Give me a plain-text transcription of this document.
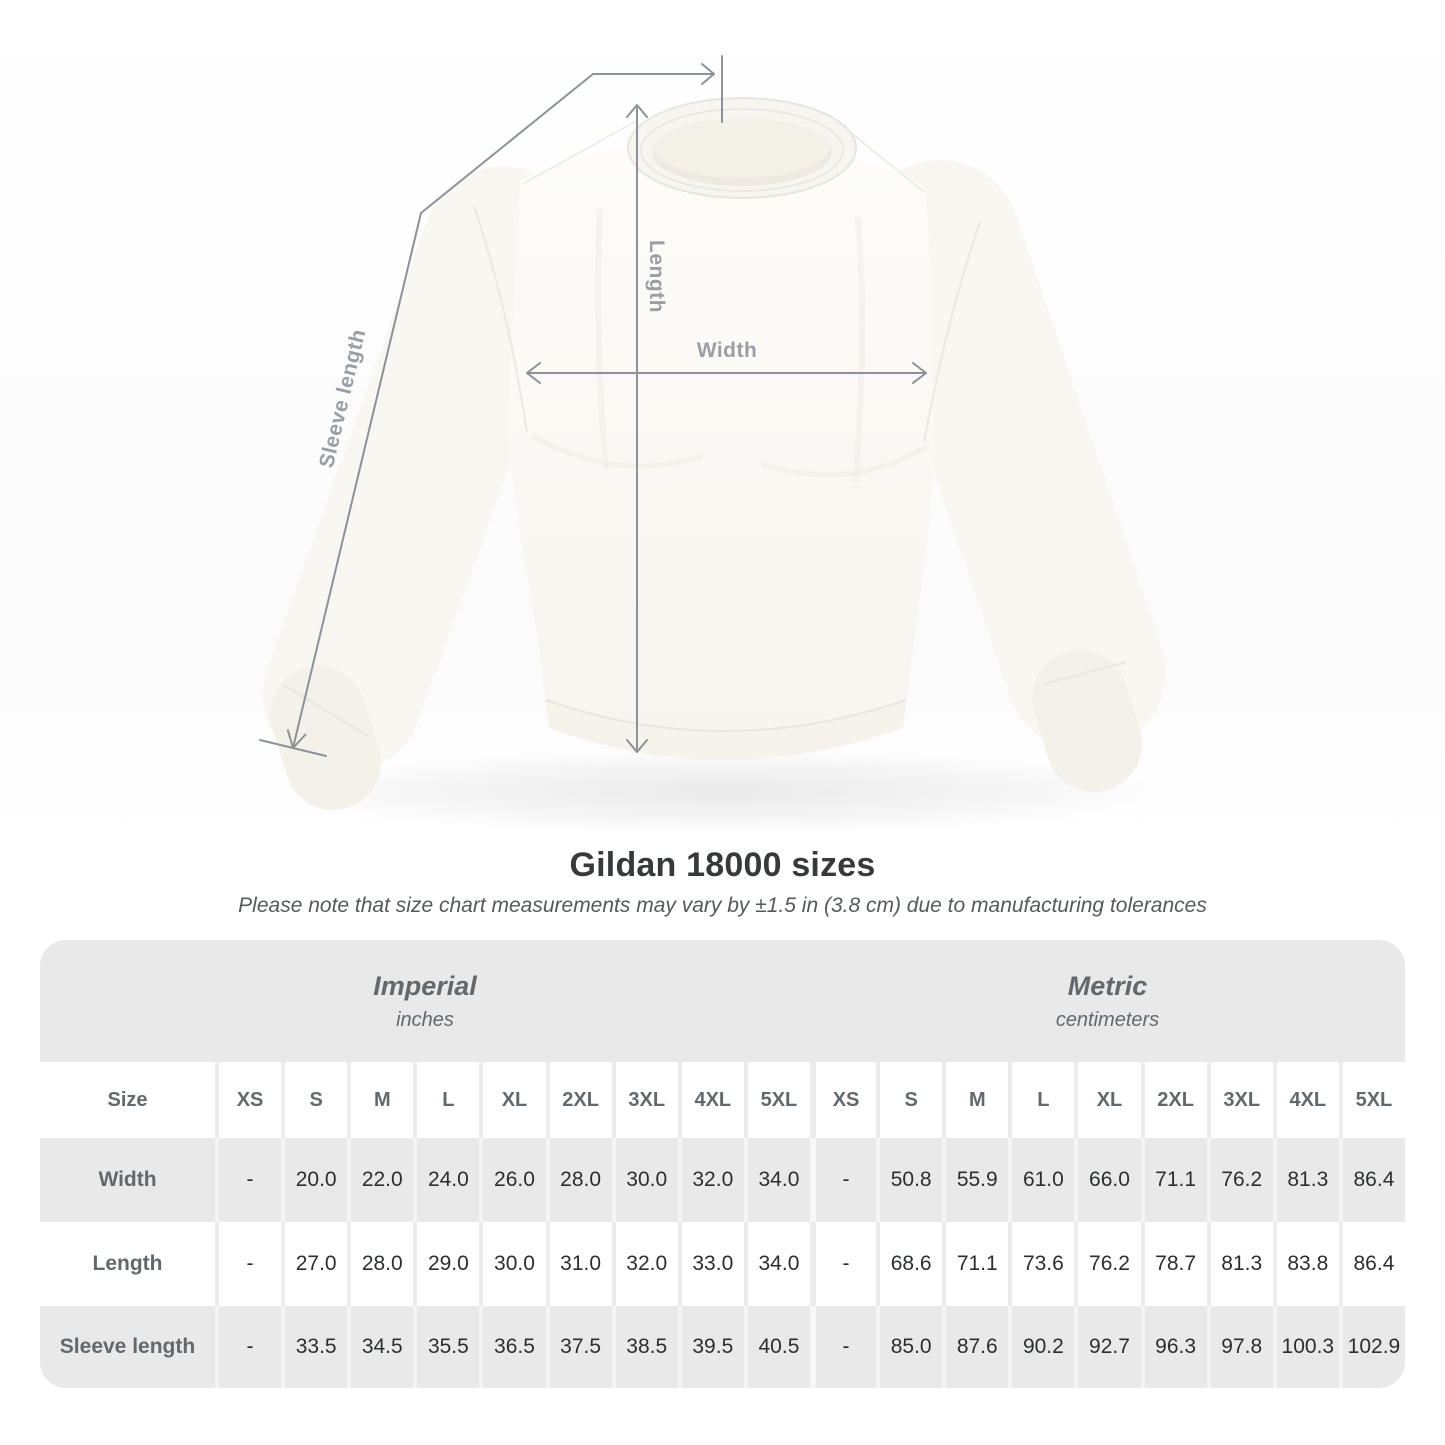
Length
Width
Sleeve length
Gildan 18000 sizes

Please note that size chart measurements may vary by ±1.5 in (3.8 cm) due to manufacturing tolerances

Imperial
inches
Metric
centimeters
Size	XS S	M	L XL 2XL 3XL 4XL 5XL XS S	M	L XL 2XL 3XL 4XL 5XL
Width	- 20.0 22.0 24.0 26.0 28.0 30.0 32.0 34.0 - 50.8 55.9 61.0 66.0 71.1 76.2 81.3 86.4
Length	- 27.0 28.0 29.0 30.0 31.0 32.0 33.0 34.0 - 68.6 71.1 73.6 76.2 78.7 81.3 83.8 86.4
Sleeve length - 33.5 34.5 35.5 36.5 37.5 38.5 39.5 40.5 - 85.0 87.6 90.2 92.7 96.3 97.8 100.3 102.9
